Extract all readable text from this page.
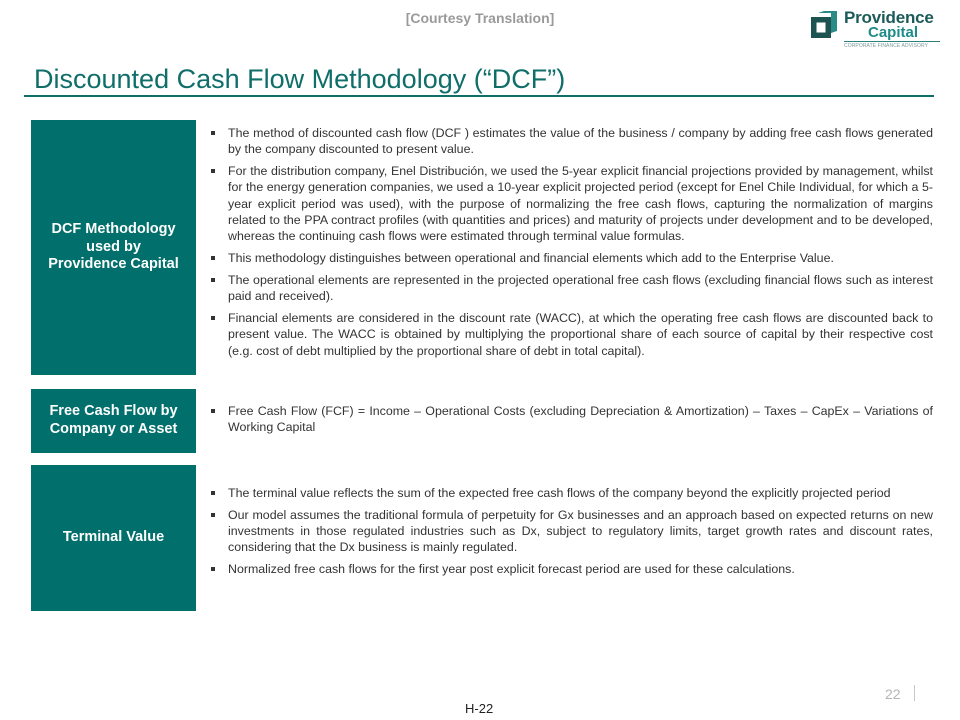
[Courtesy Translation]	Providence
Capital
CORPORATE FINANCE ADVISORY
Discounted Cash Flow Methodology (“DCF”)
DCF Methodology
used by
Providence Capital
The method of discounted cash flow (DCF ) estimates the value of the business / company by adding free cash flows generated by the company discounted to present value.
For the distribution company, Enel Distribución, we used the 5-year explicit financial projections provided by management, whilst for the energy generation companies, we used a 10-year explicit projected period (except for Enel Chile Individual, for which a 5-year explicit period was used), with the purpose of normalizing the free cash flows, capturing the normalization of margins related to the PPA contract profiles (with quantities and prices) and maturity of projects under development and to be developed, whereas the continuing cash flows were estimated through terminal value formulas.
This methodology distinguishes between operational and financial elements which add to the Enterprise Value.
The operational elements are represented in the projected operational free cash flows (excluding financial flows such as interest paid and received).
Financial elements are considered in the discount rate (WACC), at which the operating free cash flows are discounted back to present value. The WACC is obtained by multiplying the proportional share of each source of capital by their respective cost (e.g. cost of debt multiplied by the proportional share of debt in total capital).
Free Cash Flow by
Company or Asset
Free Cash Flow (FCF) = Income – Operational Costs (excluding Depreciation & Amortization) – Taxes – CapEx – Variations of Working Capital
Terminal Value
The terminal value reflects the sum of the expected free cash flows of the company beyond the explicitly projected period
Our model assumes the traditional formula of perpetuity for Gx businesses and an approach based on expected returns on new investments in those regulated industries such as Dx, subject to regulatory limits, target growth rates and discount rates, considering that the Dx business is mainly regulated.
Normalized free cash flows for the first year post explicit forecast period are used for these calculations.
22
H-22
